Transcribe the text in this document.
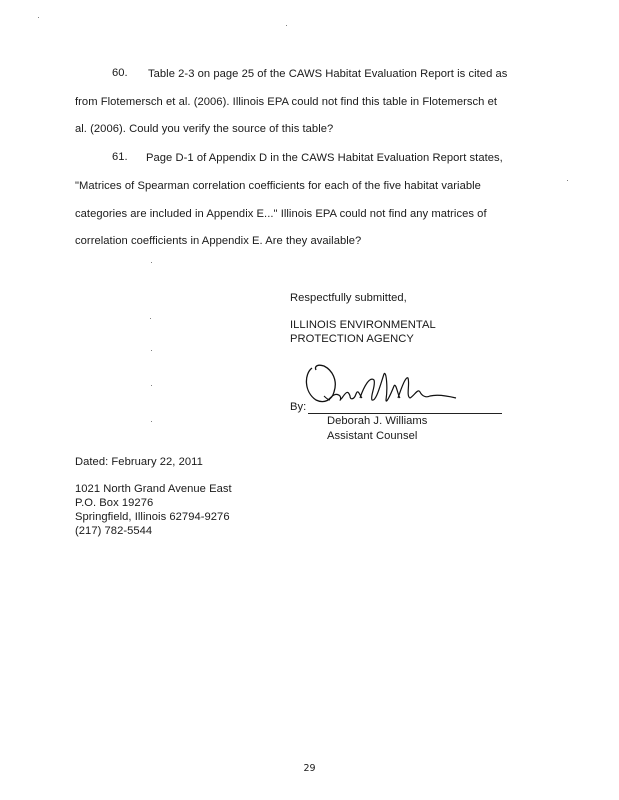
60. Table 2-3 on page 25 of the CAWS Habitat Evaluation Report is cited as
from Flotemersch et al. (2006). Illinois EPA could not find this table in Flotemersch et
al. (2006). Could you verify the source of this table?
61. Page D-1 of Appendix D in the CAWS Habitat Evaluation Report states,
"Matrices of Spearman correlation coefficients for each of the five habitat variable
categories are included in Appendix E..." Illinois EPA could not find any matrices of
correlation coefficients in Appendix E. Are they available?
Respectfully submitted,
ILLINOIS ENVIRONMENTAL
PROTECTION AGENCY
By:
Deborah J. Williams
Assistant Counsel
Dated: February 22, 2011
1021 North Grand Avenue East
P.O. Box 19276
Springfield, Illinois 62794-9276
(217) 782-5544
29
